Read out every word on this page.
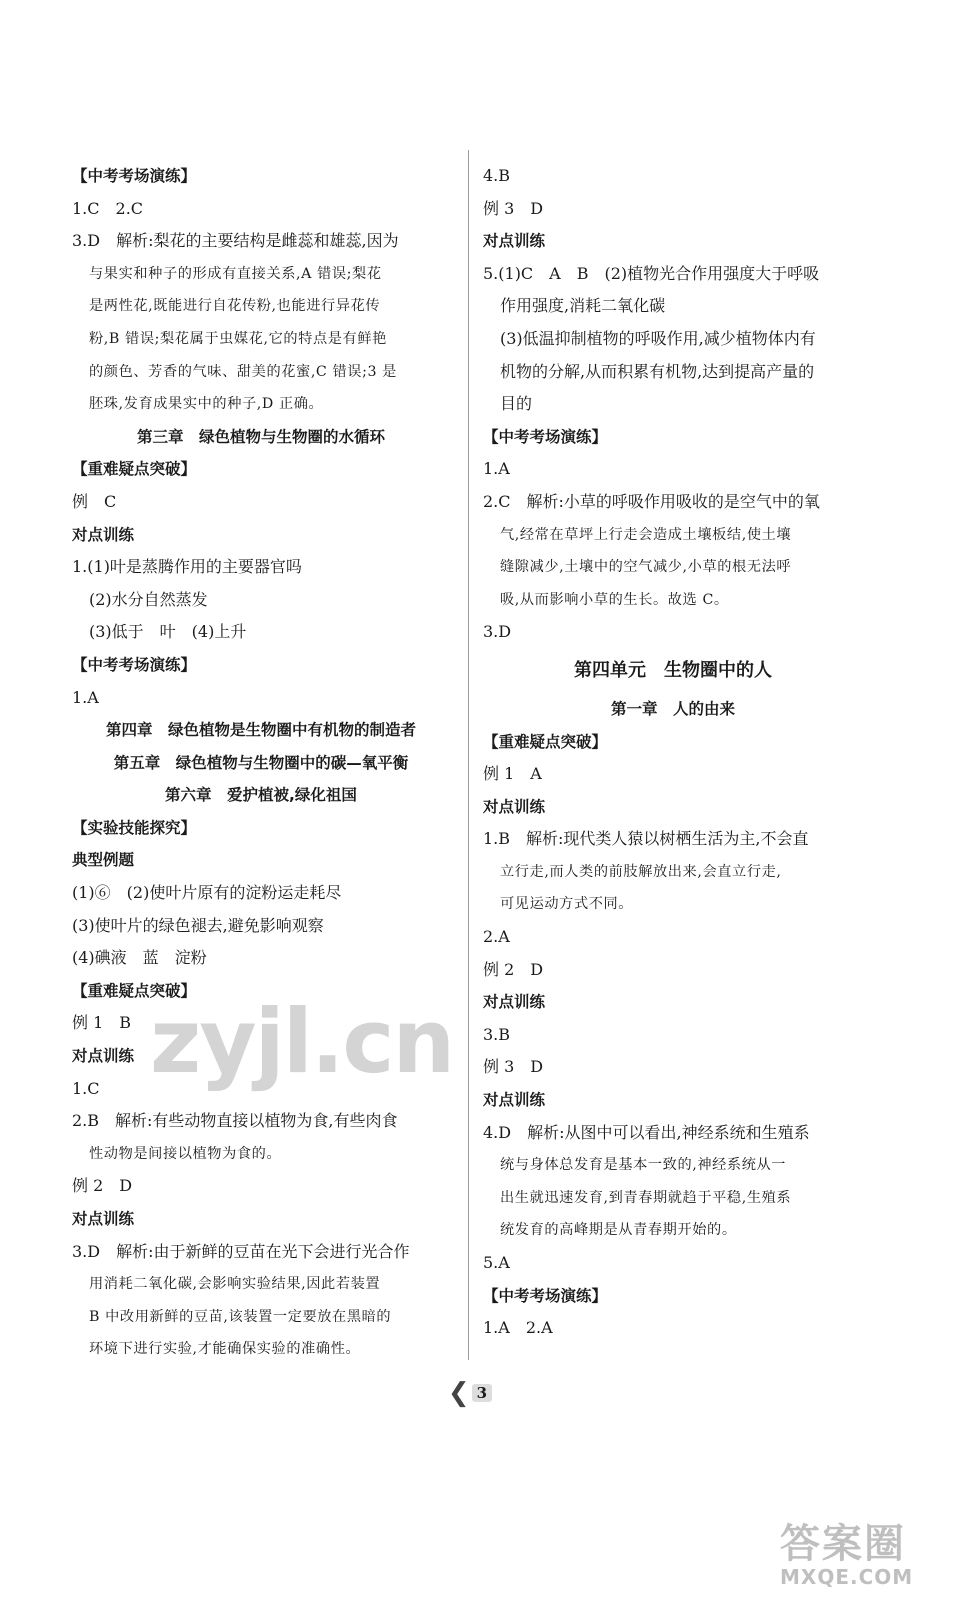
【中考考场演练】
1.C　2.C
3.D　解析:梨花的主要结构是雌蕊和雄蕊,因为
与果实和种子的形成有直接关系,A 错误;梨花
是两性花,既能进行自花传粉,也能进行异花传
粉,B 错误;梨花属于虫媒花,它的特点是有鲜艳
的颜色、芳香的气味、甜美的花蜜,C 错误;3 是
胚珠,发育成果实中的种子,D 正确。
第三章　绿色植物与生物圈的水循环
【重难疑点突破】
例　C
对点训练
1.(1)叶是蒸腾作用的主要器官吗
(2)水分自然蒸发
(3)低于　叶　(4)上升
【中考考场演练】
1.A
第四章　绿色植物是生物圈中有机物的制造者
第五章　绿色植物与生物圈中的碳—氧平衡
第六章　爱护植被,绿化祖国
【实验技能探究】
典型例题
(1)⑥　(2)使叶片原有的淀粉运走耗尽
(3)使叶片的绿色褪去,避免影响观察
(4)碘液　蓝　淀粉
【重难疑点突破】
例 1　B
对点训练
1.C
2.B　解析:有些动物直接以植物为食,有些肉食
性动物是间接以植物为食的。
例 2　D
对点训练
3.D　解析:由于新鲜的豆苗在光下会进行光合作
用消耗二氧化碳,会影响实验结果,因此若装置
B 中改用新鲜的豆苗,该装置一定要放在黑暗的
环境下进行实验,才能确保实验的准确性。
4.B
例 3　D
对点训练
5.(1)C　A　B　(2)植物光合作用强度大于呼吸
作用强度,消耗二氧化碳
(3)低温抑制植物的呼吸作用,减少植物体内有
机物的分解,从而积累有机物,达到提高产量的
目的
【中考考场演练】
1.A
2.C　解析:小草的呼吸作用吸收的是空气中的氧
气,经常在草坪上行走会造成土壤板结,使土壤
缝隙减少,土壤中的空气减少,小草的根无法呼
吸,从而影响小草的生长。故选 C。
3.D
第四单元　生物圈中的人
第一章　人的由来
【重难疑点突破】
例 1　A
对点训练
1.B　解析:现代类人猿以树栖生活为主,不会直
立行走,而人类的前肢解放出来,会直立行走,
可见运动方式不同。
2.A
例 2　D
对点训练
3.B
例 3　D
对点训练
4.D　解析:从图中可以看出,神经系统和生殖系
统与身体总发育是基本一致的,神经系统从一
出生就迅速发育,到青春期就趋于平稳,生殖系
统发育的高峰期是从青春期开始的。
5.A
【中考考场演练】
1.A　2.A
zyjl.cn
❮ 3
答案圈
MXQE.COM
